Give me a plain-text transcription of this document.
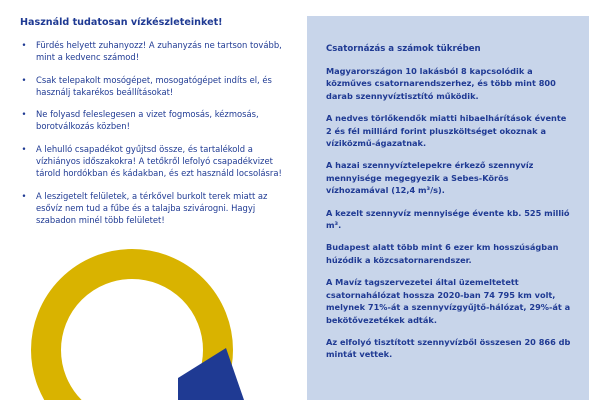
Használd tudatosan vízkészleteinket!
• Fürdés helyett zuhanyozz! A zuhanyzás ne tartson tovább, mint a kedvenc számod!
• Csak telepakolt mosógépet, mosogatógépet indíts el, és használj takarékos beállításokat!
• Ne folyasd feleslegesen a vizet fogmosás, kézmosás, borotválkozás közben!
• A lehulló csapadékot gyűjtsd össze, és tartalékold a vízhiányos időszakokra! A tetőkről lefolyó csapadékvizet tárold hordókban és kádakban, és ezt használd locsolásra!
• A leszigetelt felületek, a térkővel burkolt terek miatt az esővíz nem tud a fűbe és a talajba szivárogni. Hagyj szabadon minél több felületet!
Csatornázás a számok tükrében

Magyarországon 10 lakásból 8 kapcsolódik a közműves csatornarendszerhez, és több mint 800 darab szennyvíztisztító működik.

A nedves törlőkendők miatti hibaelhárítások évente 2 és fél milliárd forint pluszköltséget okoznak a víziközmű-ágazatnak.

A hazai szennyvíztelepekre érkező szennyvíz mennyisége megegyezik a Sebes-Körös vízhozamával (12,4 m³/s).

A kezelt szennyvíz mennyisége évente kb. 525 millió m³.

Budapest alatt több mint 6 ezer km hosszúságban húzódik a közcsatornarendszer.

A Mavíz tagszervezetei által üzemeltetett csatornahálózat hossza 2020-ban 74 795 km volt, melynek 71%-át a szennyvízgyűjtő-hálózat, 29%-át a bekötővezetékek adták.

Az elfolyó tisztított szennyvízből összesen 20 866 db mintát vettek.
